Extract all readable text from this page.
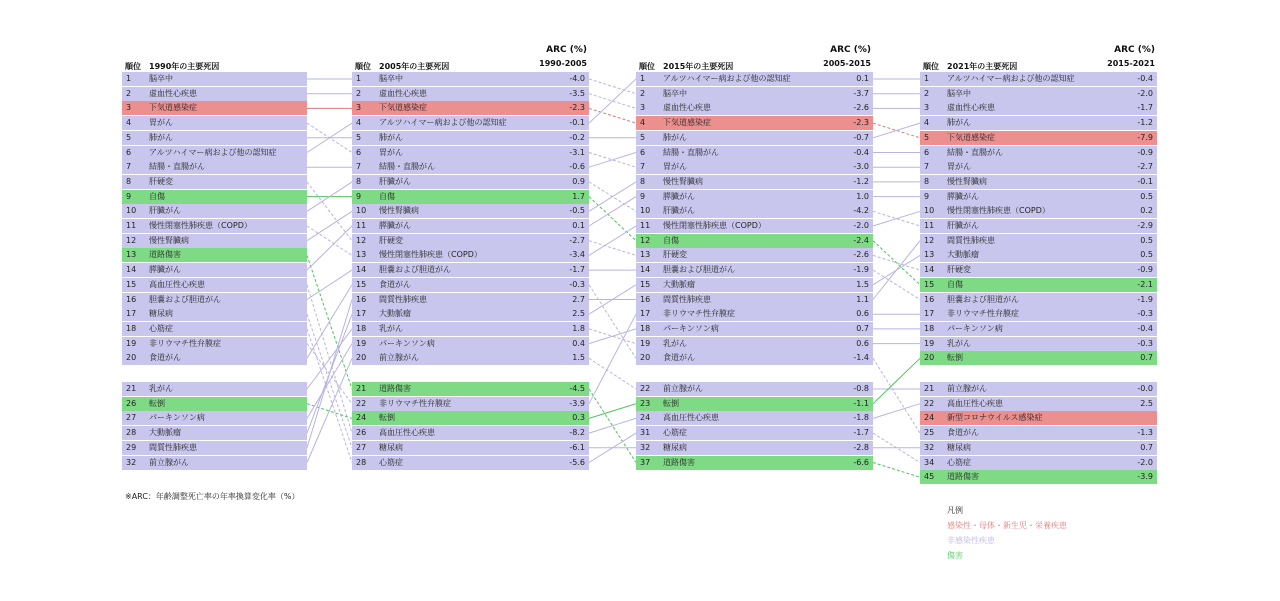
※ARC：年齢調整死亡率の年率換算変化率（%）
凡例
感染性・母体・新生児・栄養疾患
非感染性疾患
傷害
順位 1990年の主要死因
1 脳卒中
2 虚血性心疾患
3 下気道感染症
4 胃がん
5 肺がん
6 アルツハイマー病および他の認知症
7 結腸・直腸がん
8 肝硬変
9 自傷
10 肝臓がん
11 慢性閉塞性肺疾患（COPD）
12 慢性腎臓病
13 道路傷害
14 膵臓がん
15 高血圧性心疾患
16 胆嚢および胆道がん
17 糖尿病
18 心筋症
19 非リウマチ性弁膜症
20 食道がん
21 乳がん
26 転倒
27 パーキンソン病
28 大動脈瘤
29 間質性肺疾患
32 前立腺がん
順位 2005年の主要死因
ARC (%)
1990-2005
1 脳卒中	-4.0
2 虚血性心疾患	-3.5
3 下気道感染症	-2.3
4 アルツハイマー病および他の認知症	-0.1
5 肺がん	-0.2
6 胃がん	-3.1
7 結腸・直腸がん	-0.6
8 肝臓がん	0.9
9 自傷	1.7
10 慢性腎臓病	-0.5
11 膵臓がん	0.1
12 肝硬変	-2.7
13 慢性閉塞性肺疾患（COPD）	-3.4
14 胆嚢および胆道がん	-1.7
15 食道がん	-0.3
16 間質性肺疾患	2.7
17 大動脈瘤	2.5
18 乳がん	1.8
19 パーキンソン病	0.4
20 前立腺がん	1.5
21 道路傷害	-4.5
22 非リウマチ性弁膜症	-3.9
24 転倒	0.3
26 高血圧性心疾患	-8.2
27 糖尿病	-6.1
28 心筋症	-5.6
順位 2015年の主要死因
ARC (%)
2005-2015
1 アルツハイマー病および他の認知症	0.1
2 脳卒中	-3.7
3 虚血性心疾患	-2.6
4 下気道感染症	-2.3
5 肺がん	-0.7
6 結腸・直腸がん	-0.4
7 胃がん	-3.0
8 慢性腎臓病	-1.2
9 膵臓がん	1.0
10 肝臓がん	-4.2
11 慢性閉塞性肺疾患（COPD）	-2.0
12 自傷	-2.4
13 肝硬変	-2.6
14 胆嚢および胆道がん	-1.9
15 大動脈瘤	1.5
16 間質性肺疾患	1.1
17 非リウマチ性弁膜症	0.6
18 パーキンソン病	0.7
19 乳がん	0.6
20 食道がん	-1.4
22 前立腺がん	-0.8
23 転倒	-1.1
24 高血圧性心疾患	-1.8
31 心筋症	-1.7
32 糖尿病	-2.8
37 道路傷害	-6.6
順位 2021年の主要死因
ARC (%)
2015-2021
1 アルツハイマー病および他の認知症	-0.4
2 脳卒中	-2.0
3 虚血性心疾患	-1.7
4 肺がん	-1.2
5 下気道感染症	-7.9
6 結腸・直腸がん	-0.9
7 胃がん	-2.7
8 慢性腎臓病	-0.1
9 膵臓がん	0.5
10 慢性閉塞性肺疾患（COPD）	0.2
11 肝臓がん	-2.9
12 間質性肺疾患	0.5
13 大動脈瘤	0.5
14 肝硬変	-0.9
15 自傷	-2.1
16 胆嚢および胆道がん	-1.9
17 非リウマチ性弁膜症	-0.3
18 パーキンソン病	-0.4
19 乳がん	-0.3
20 転倒	0.7
21 前立腺がん	-0.0
22 高血圧性心疾患	2.5
24 新型コロナウイルス感染症
25 食道がん	-1.3
32 糖尿病	0.7
34 心筋症	-2.0
45 道路傷害	-3.9
